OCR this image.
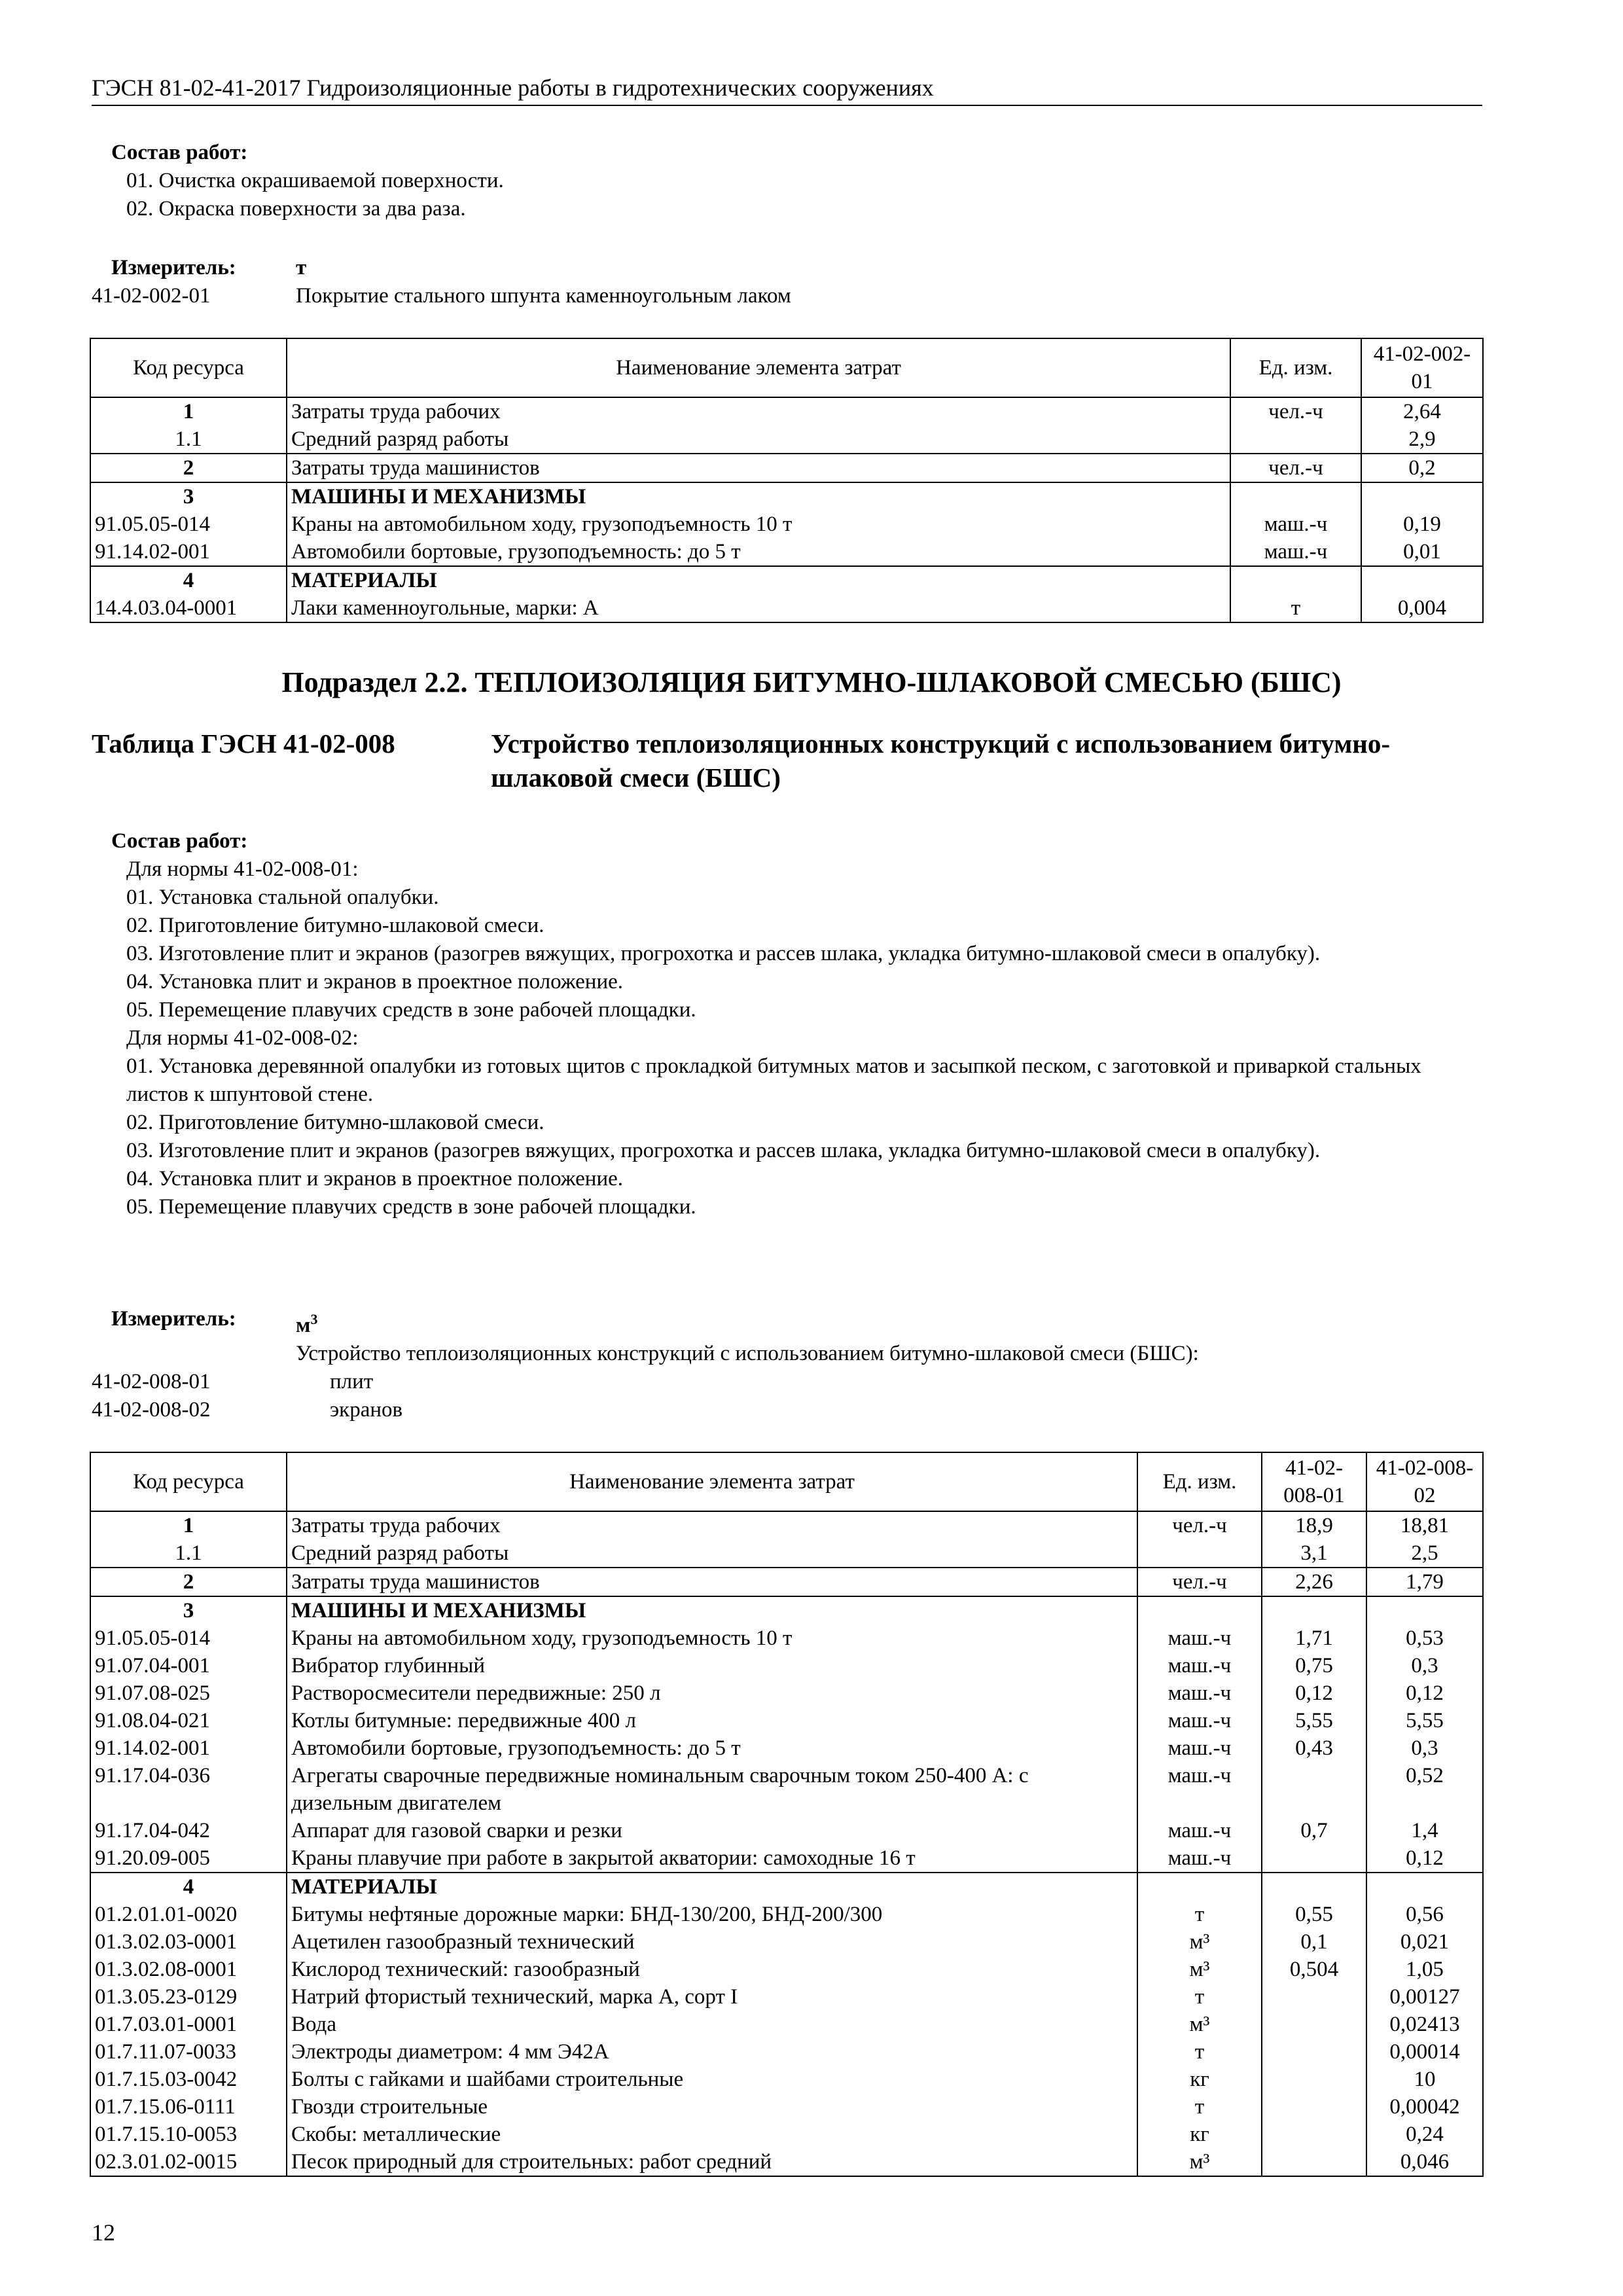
ГЭСН 81-02-41-2017 Гидроизоляционные работы в гидротехнических сооружениях
Состав работ:
01. Очистка окрашиваемой поверхности.
02. Окраска поверхности за два раза.
Измеритель:	т
41-02-002-01	Покрытие стального шпунта каменноугольным лаком
Код ресурса	Наименование элемента затрат	Ед. изм.	41-02-002-01
1	Затраты труда рабочих	чел.-ч	2,64
1.1	Средний разряд работы		2,9
2	Затраты труда машинистов	чел.-ч	0,2
3	МАШИНЫ И МЕХАНИЗМЫ		
91.05.05-014	Краны на автомобильном ходу, грузоподъемность 10 т	маш.-ч	0,19
91.14.02-001	Автомобили бортовые, грузоподъемность: до 5 т	маш.-ч	0,01
4	МАТЕРИАЛЫ		
14.4.03.04-0001	Лаки каменноугольные, марки: А	т	0,004
Подраздел 2.2. ТЕПЛОИЗОЛЯЦИЯ БИТУМНО-ШЛАКОВОЙ СМЕСЬЮ (БШС)
Таблица ГЭСН 41-02-008	Устройство теплоизоляционных конструкций с использованием битумно-шлаковой смеси (БШС)
Состав работ:
Для нормы 41-02-008-01:
01. Установка стальной опалубки.
02. Приготовление битумно-шлаковой смеси.
03. Изготовление плит и экранов (разогрев вяжущих, прогрохотка и рассев шлака, укладка битумно-шлаковой смеси в опалубку).
04. Установка плит и экранов в проектное положение.
05. Перемещение плавучих средств в зоне рабочей площадки.
Для нормы 41-02-008-02:
01. Установка деревянной опалубки из готовых щитов с прокладкой битумных матов и засыпкой песком, с заготовкой и приваркой стальных листов к шпунтовой стене.
02. Приготовление битумно-шлаковой смеси.
03. Изготовление плит и экранов (разогрев вяжущих, прогрохотка и рассев шлака, укладка битумно-шлаковой смеси в опалубку).
04. Установка плит и экранов в проектное положение.
05. Перемещение плавучих средств в зоне рабочей площадки.
Измеритель:	$м^3$
Устройство теплоизоляционных конструкций с использованием битумно-шлаковой смеси (БШС):
41-02-008-01	плит
41-02-008-02	экранов
Код ресурса	Наименование элемента затрат	Ед. изм.	41-02-008-01	41-02-008-02
1	Затраты труда рабочих	чел.-ч	18,9	18,81
1.1	Средний разряд работы		3,1	2,5
2	Затраты труда машинистов	чел.-ч	2,26	1,79
3	МАШИНЫ И МЕХАНИЗМЫ			
91.05.05-014	Краны на автомобильном ходу, грузоподъемность 10 т	маш.-ч	1,71	0,53
91.07.04-001	Вибратор глубинный	маш.-ч	0,75	0,3
91.07.08-025	Растворосмесители передвижные: 250 л	маш.-ч	0,12	0,12
91.08.04-021	Котлы битумные: передвижные 400 л	маш.-ч	5,55	5,55
91.14.02-001	Автомобили бортовые, грузоподъемность: до 5 т	маш.-ч	0,43	0,3
91.17.04-036	Агрегаты сварочные передвижные номинальным сварочным током 250-400 А: с дизельным двигателем	маш.-ч		0,52
91.17.04-042	Аппарат для газовой сварки и резки	маш.-ч	0,7	1,4
91.20.09-005	Краны плавучие при работе в закрытой акватории: самоходные 16 т	маш.-ч		0,12
4	МАТЕРИАЛЫ			
01.2.01.01-0020	Битумы нефтяные дорожные марки: БНД-130/200, БНД-200/300	т	0,55	0,56
01.3.02.03-0001	Ацетилен газообразный технический	м³	0,1	0,021
01.3.02.08-0001	Кислород технический: газообразный	м³	0,504	1,05
01.3.05.23-0129	Натрий фтористый технический, марка А, сорт I	т		0,00127
01.7.03.01-0001	Вода	м³		0,02413
01.7.11.07-0033	Электроды диаметром: 4 мм Э42А	т		0,00014
01.7.15.03-0042	Болты с гайками и шайбами строительные	кг		10
01.7.15.06-0111	Гвозди строительные	т		0,00042
01.7.15.10-0053	Скобы: металлические	кг		0,24
02.3.01.02-0015	Песок природный для строительных: работ средний	м³		0,046
12
